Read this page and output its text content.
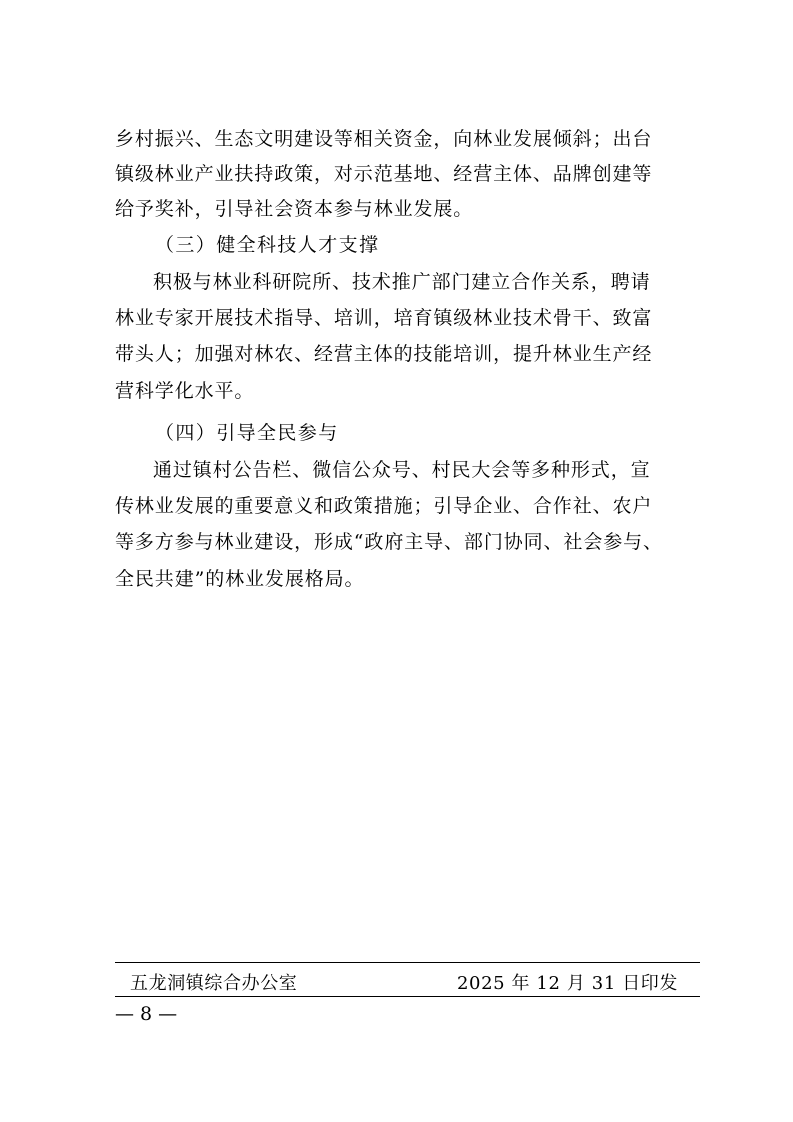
乡村振兴、生态文明建设等相关资金，向林业发展倾斜；出台
镇级林业产业扶持政策，对示范基地、经营主体、品牌创建等
给予奖补，引导社会资本参与林业发展。
（三）健全科技人才支撑
积极与林业科研院所、技术推广部门建立合作关系，聘请
林业专家开展技术指导、培训，培育镇级林业技术骨干、致富
带头人；加强对林农、经营主体的技能培训，提升林业生产经
营科学化水平。
（四）引导全民参与
通过镇村公告栏、微信公众号、村民大会等多种形式，宣
传林业发展的重要意义和政策措施；引导企业、合作社、农户
等多方参与林业建设，形成“政府主导、部门协同、社会参与、
全民共建”的林业发展格局。
五龙洞镇综合办公室	2025 年 12 月 31 日印发
— 8 —
